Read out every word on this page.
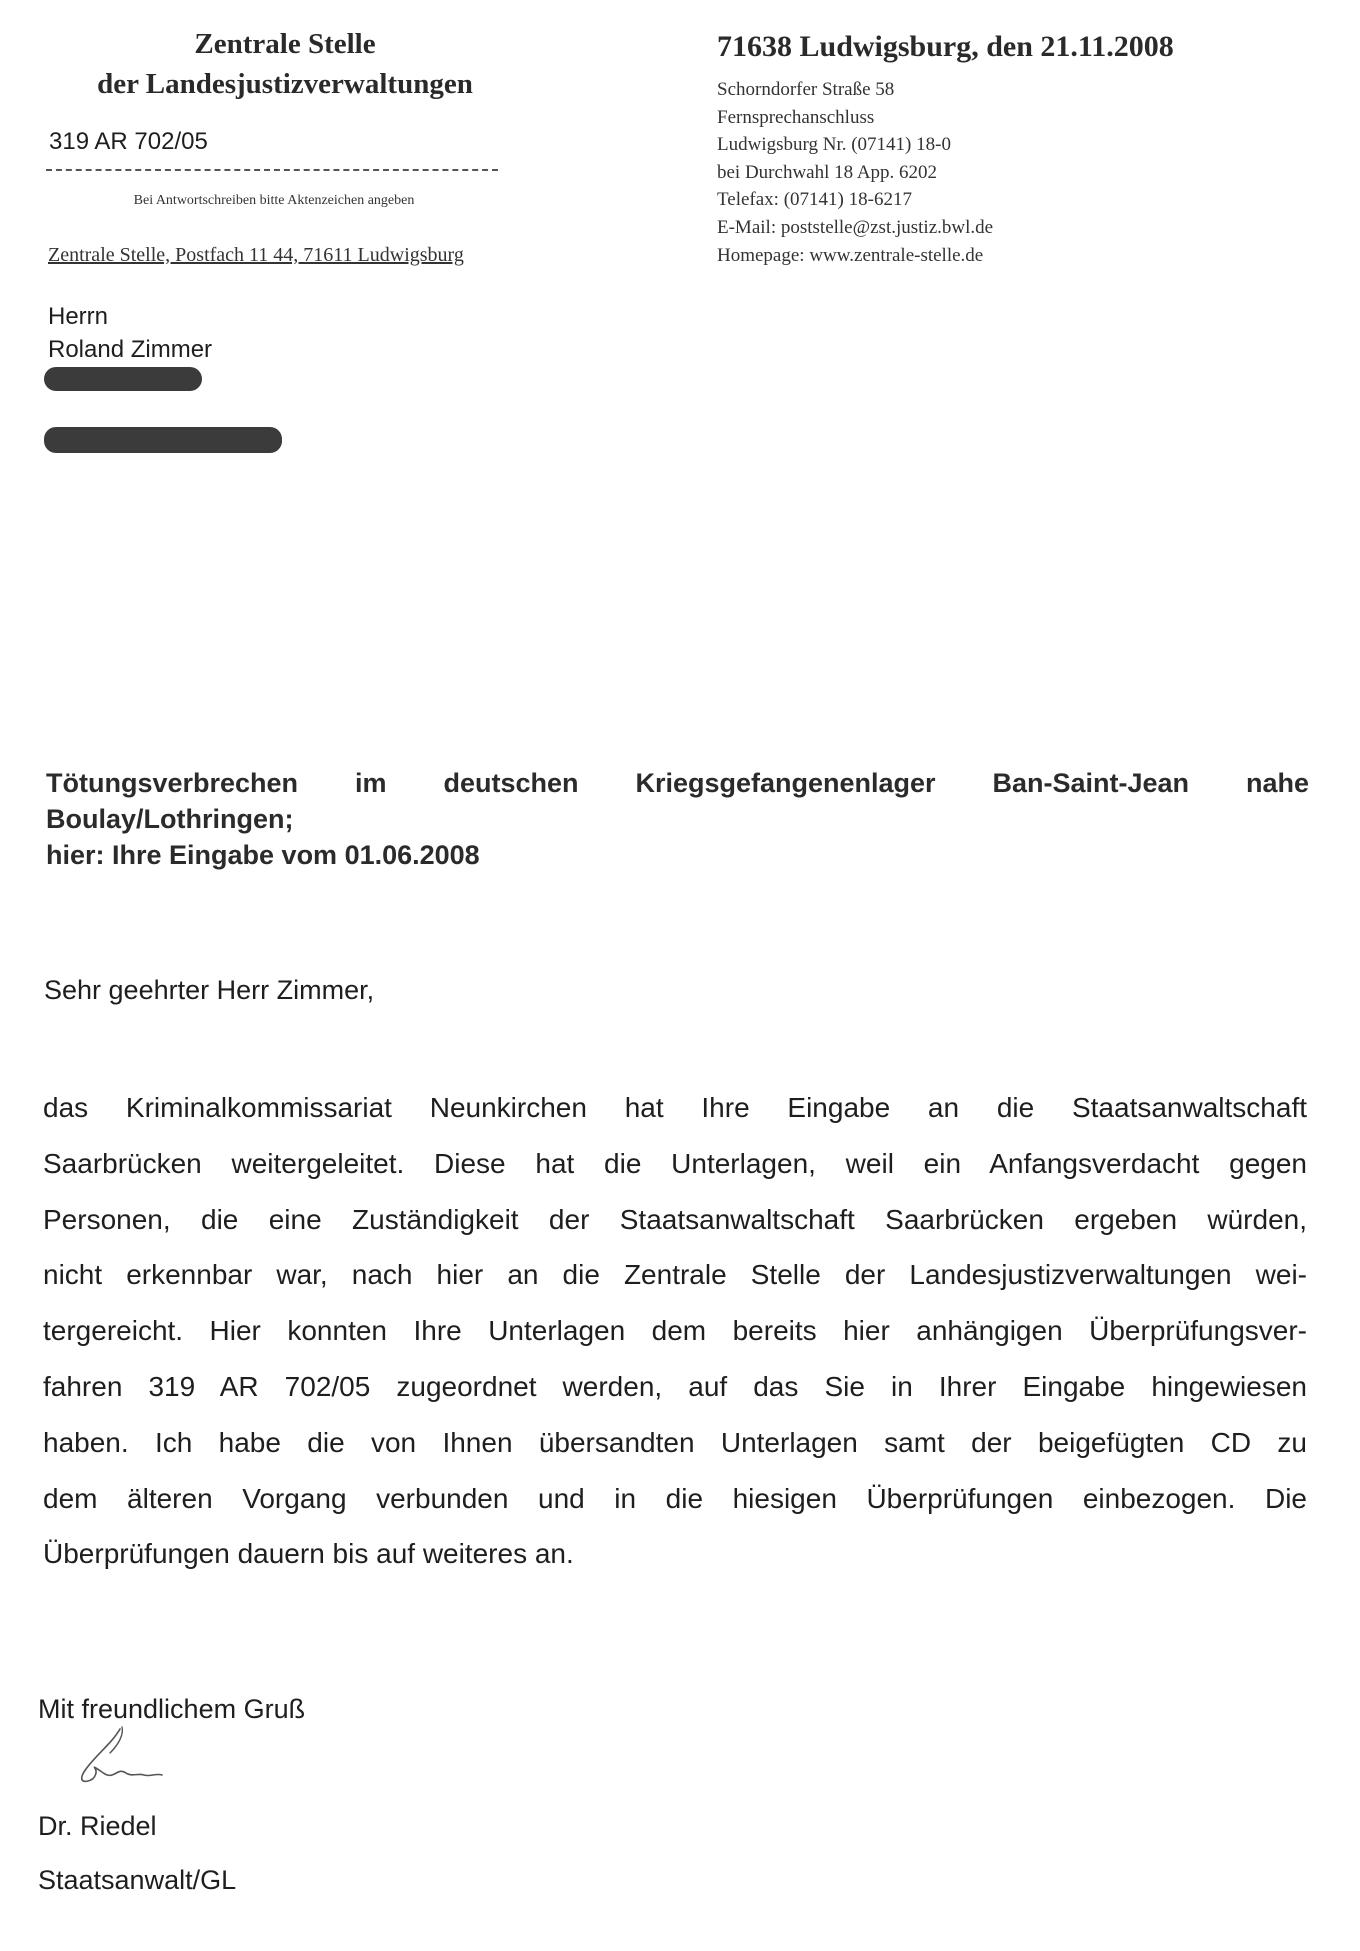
Zentrale Stelle
der Landesjustizverwaltungen
319 AR 702/05
Bei Antwortschreiben bitte Aktenzeichen angeben
Zentrale Stelle, Postfach 11 44, 71611 Ludwigsburg
71638 Ludwigsburg, den 21.11.2008
Schorndorfer Straße 58
Fernsprechanschluss
Ludwigsburg Nr. (07141) 18-0
bei Durchwahl 18 App. 6202
Telefax: (07141) 18-6217
E-Mail: poststelle@zst.justiz.bwl.de
Homepage: www.zentrale-stelle.de
Herrn
Roland Zimmer
Tötungsverbrechen im deutschen Kriegsgefangenenlager Ban-Saint-Jean nahe
Boulay/Lothringen;
hier: Ihre Eingabe vom 01.06.2008
Sehr geehrter Herr Zimmer,
das Kriminalkommissariat Neunkirchen hat Ihre Eingabe an die Staatsanwaltschaft
Saarbrücken weitergeleitet. Diese hat die Unterlagen, weil ein Anfangsverdacht gegen
Personen, die eine Zuständigkeit der Staatsanwaltschaft Saarbrücken ergeben würden,
nicht erkennbar war, nach hier an die Zentrale Stelle der Landesjustizverwaltungen wei-
tergereicht. Hier konnten Ihre Unterlagen dem bereits hier anhängigen Überprüfungsver-
fahren 319 AR 702/05 zugeordnet werden, auf das Sie in Ihrer Eingabe hingewiesen
haben. Ich habe die von Ihnen übersandten Unterlagen samt der beigefügten CD zu
dem älteren Vorgang verbunden und in die hiesigen Überprüfungen einbezogen. Die
Überprüfungen dauern bis auf weiteres an.
Mit freundlichem Gruß
Dr. Riedel
Staatsanwalt/GL
